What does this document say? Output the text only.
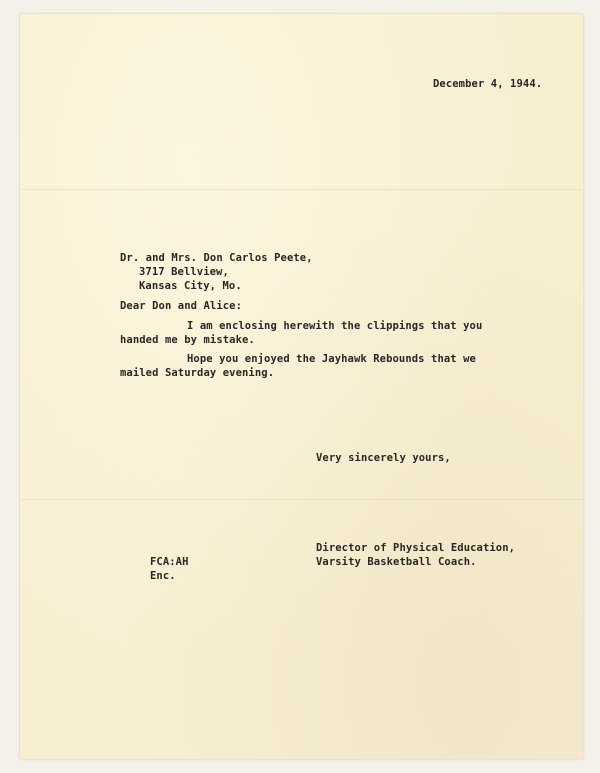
December 4, 1944.
Dr. and Mrs. Don Carlos Peete,
3717 Bellview,
Kansas City, Mo.
Dear Don and Alice:
I am enclosing herewith the clippings that you
handed me by mistake.
Hope you enjoyed the Jayhawk Rebounds that we
mailed Saturday evening.
Very sincerely yours,
Director of Physical Education,
Varsity Basketball Coach.
FCA:AH
Enc.
